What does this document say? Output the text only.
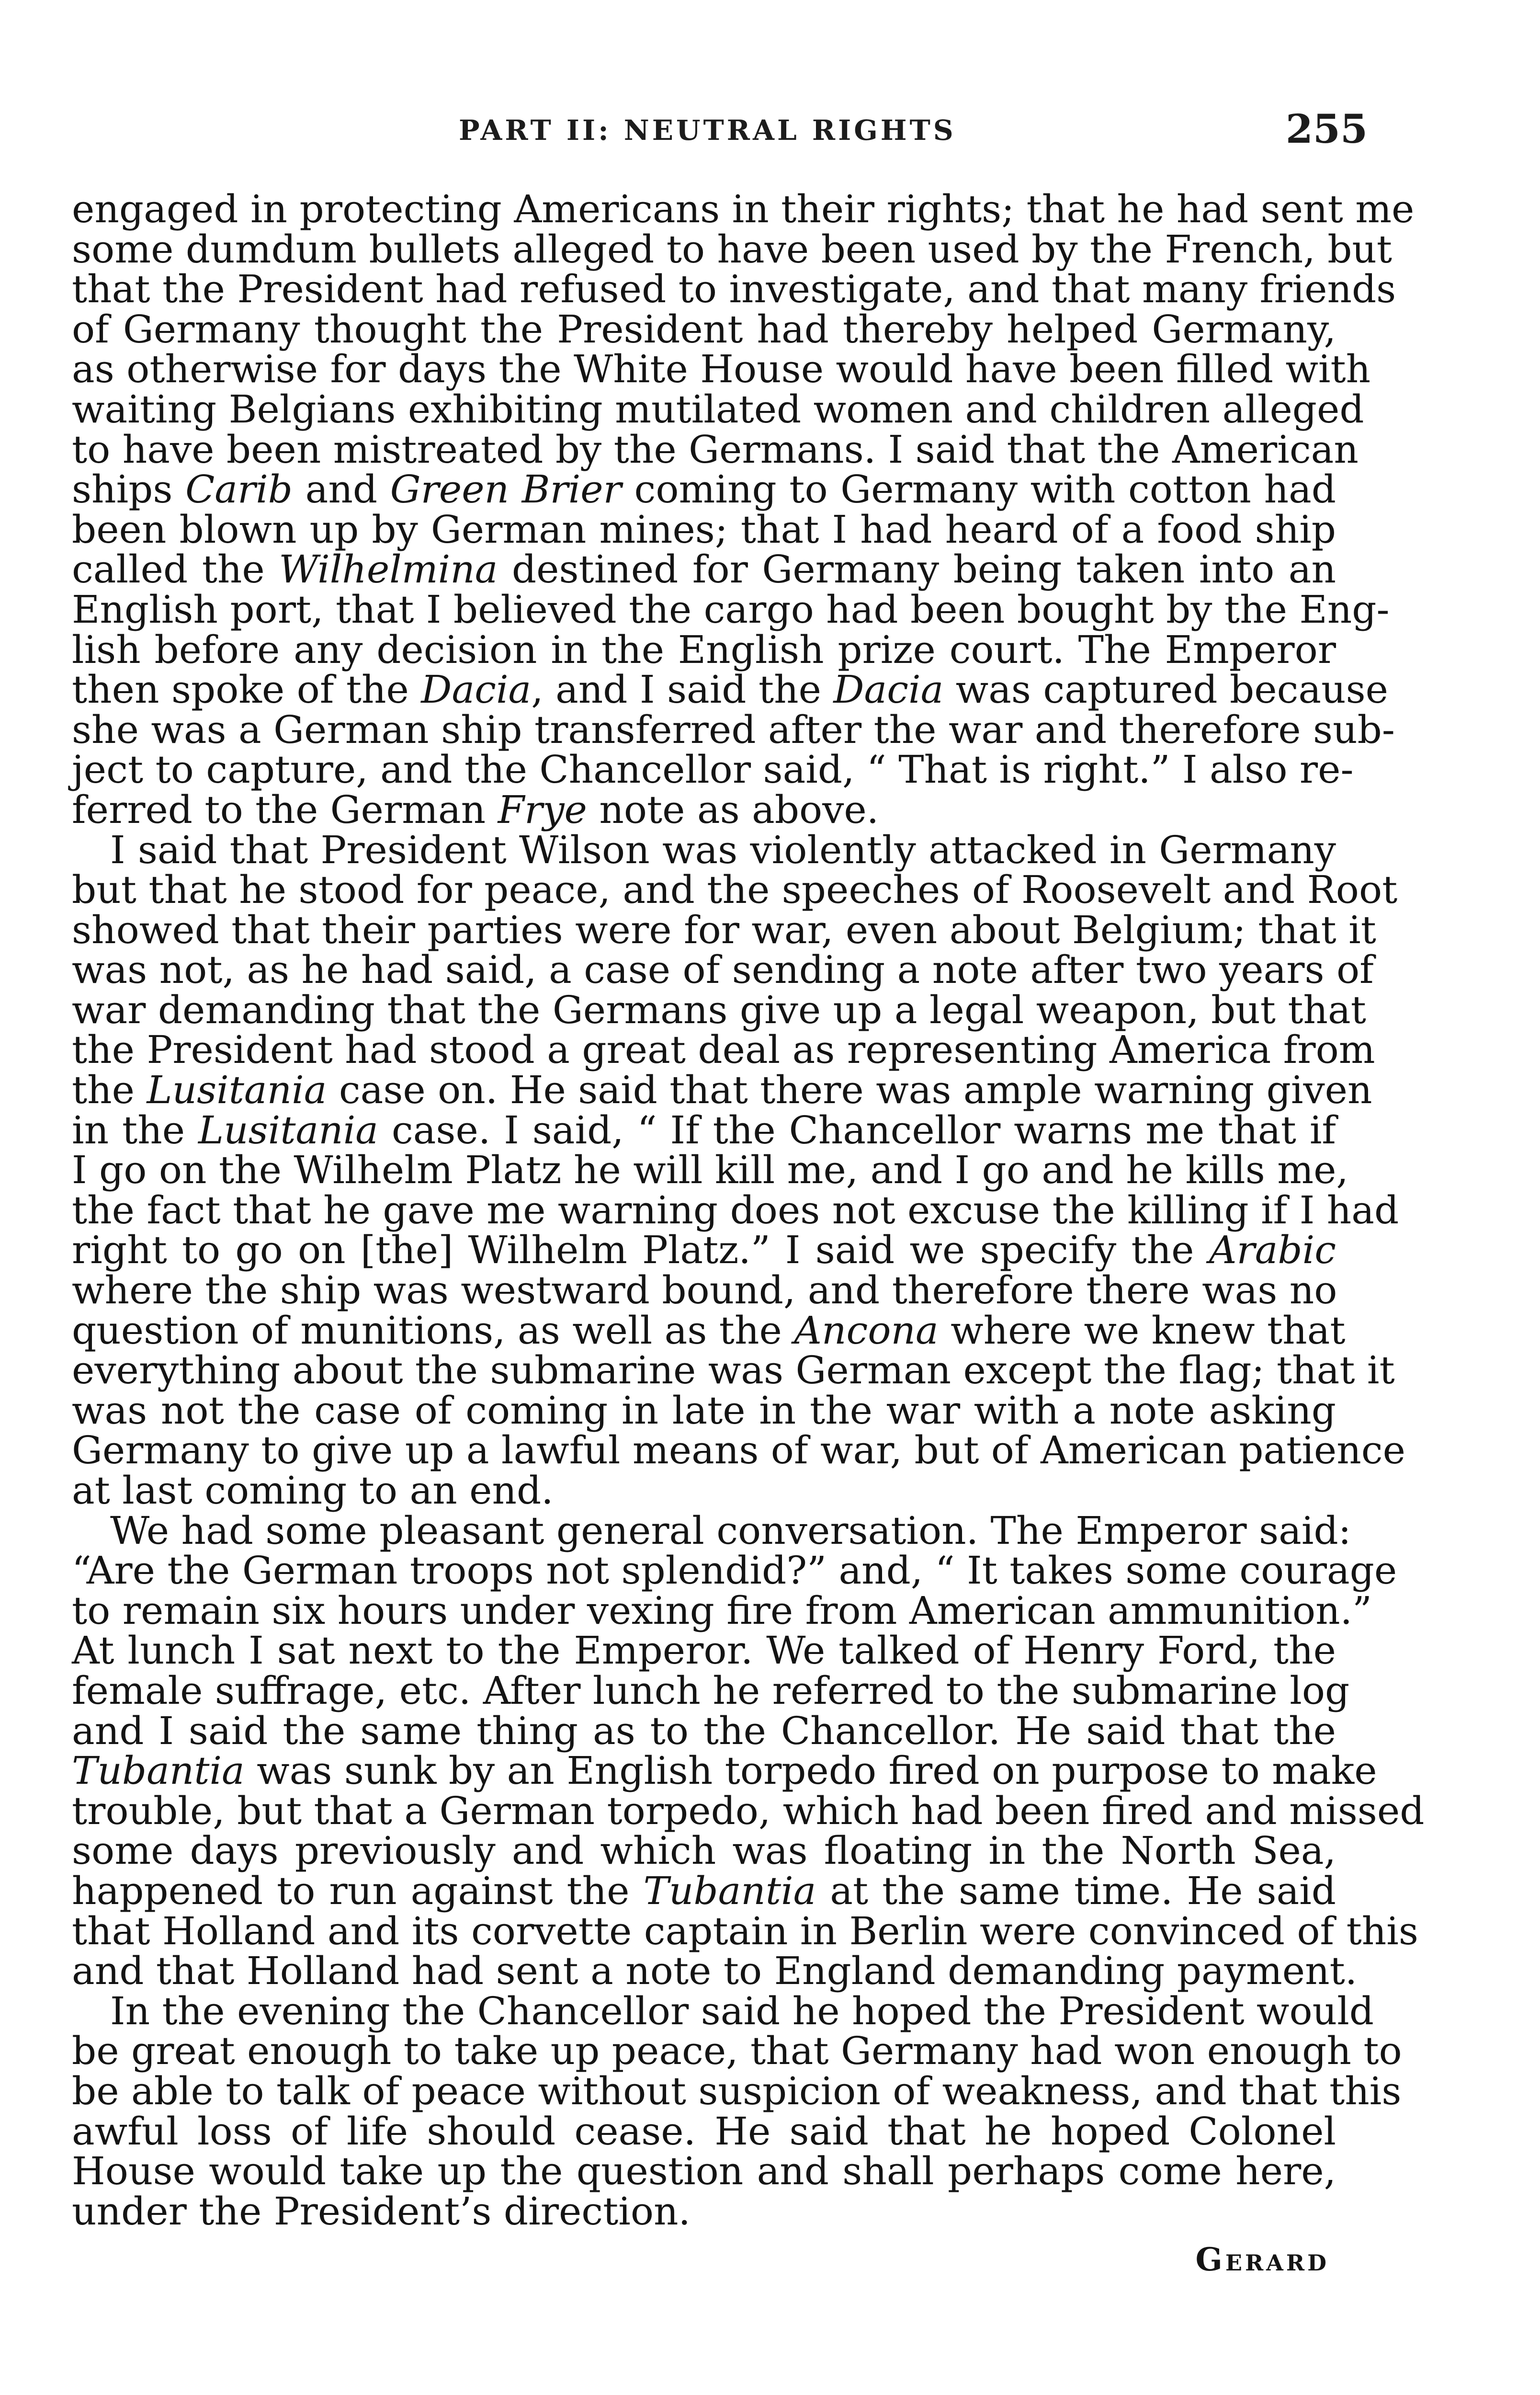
PART II: NEUTRAL RIGHTS	255
engaged in protecting Americans in their rights; that he had sent me
some dumdum bullets alleged to have been used by the French, but
that the President had refused to investigate, and that many friends
of Germany thought the President had thereby helped Germany,
as otherwise for days the White House would have been filled with
waiting Belgians exhibiting mutilated women and children alleged
to have been mistreated by the Germans. I said that the American
ships Carib and Green Brier coming to Germany with cotton had
been blown up by German mines; that I had heard of a food ship
called the Wilhelmina destined for Germany being taken into an
English port, that I believed the cargo had been bought by the Eng-
lish before any decision in the English prize court. The Emperor
then spoke of the Dacia, and I said the Dacia was captured because
she was a German ship transferred after the war and therefore sub-
ject to capture, and the Chancellor said, “ That is right.” I also re-
ferred to the German Frye note as above.
I said that President Wilson was violently attacked in Germany
but that he stood for peace, and the speeches of Roosevelt and Root
showed that their parties were for war, even about Belgium; that it
was not, as he had said, a case of sending a note after two years of
war demanding that the Germans give up a legal weapon, but that
the President had stood a great deal as representing America from
the Lusitania case on. He said that there was ample warning given
in the Lusitania case. I said, “ If the Chancellor warns me that if
I go on the Wilhelm Platz he will kill me, and I go and he kills me,
the fact that he gave me warning does not excuse the killing if I had
right to go on [the] Wilhelm Platz.” I said we specify the Arabic
where the ship was westward bound, and therefore there was no
question of munitions, as well as the Ancona where we knew that
everything about the submarine was German except the flag; that it
was not the case of coming in late in the war with a note asking
Germany to give up a lawful means of war, but of American patience
at last coming to an end.
We had some pleasant general conversation. The Emperor said:
“Are the German troops not splendid?” and, “ It takes some courage
to remain six hours under vexing fire from American ammunition.”
At lunch I sat next to the Emperor. We talked of Henry Ford, the
female suffrage, etc. After lunch he referred to the submarine log
and I said the same thing as to the Chancellor. He said that the
Tubantia was sunk by an English torpedo fired on purpose to make
trouble, but that a German torpedo, which had been fired and missed
some days previously and which was floating in the North Sea,
happened to run against the Tubantia at the same time. He said
that Holland and its corvette captain in Berlin were convinced of this
and that Holland had sent a note to England demanding payment.
In the evening the Chancellor said he hoped the President would
be great enough to take up peace, that Germany had won enough to
be able to talk of peace without suspicion of weakness, and that this
awful loss of life should cease. He said that he hoped Colonel
House would take up the question and shall perhaps come here,
under the President’s direction.
Gerard
